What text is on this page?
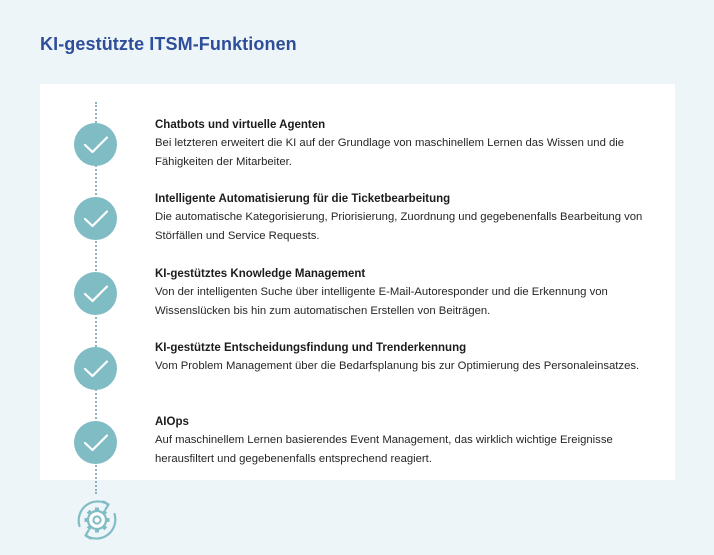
KI-gestützte ITSM-Funktionen

Chatbots und virtuelle Agenten

Bei letzteren erweitert die KI auf der Grundlage von maschinellem Lernen das Wissen und die Fähigkeiten der Mitarbeiter.

Intelligente Automatisierung für die Ticketbearbeitung

Die automatische Kategorisierung, Priorisierung, Zuordnung und gegebenenfalls Bearbeitung von Störfällen und Service Requests.

KI-gestütztes Knowledge Management

Von der intelligenten Suche über intelligente E-Mail-Autoresponder und die Erkennung von Wissenslücken bis hin zum automatischen Erstellen von Beiträgen.

KI-gestützte Entscheidungsfindung und Trenderkennung

Vom Problem Management über die Bedarfsplanung bis zur Optimierung des Personaleinsatzes.

AIOps

Auf maschinellem Lernen basierendes Event Management, das wirklich wichtige Ereignisse herausfiltert und gegebenenfalls entsprechend reagiert.
